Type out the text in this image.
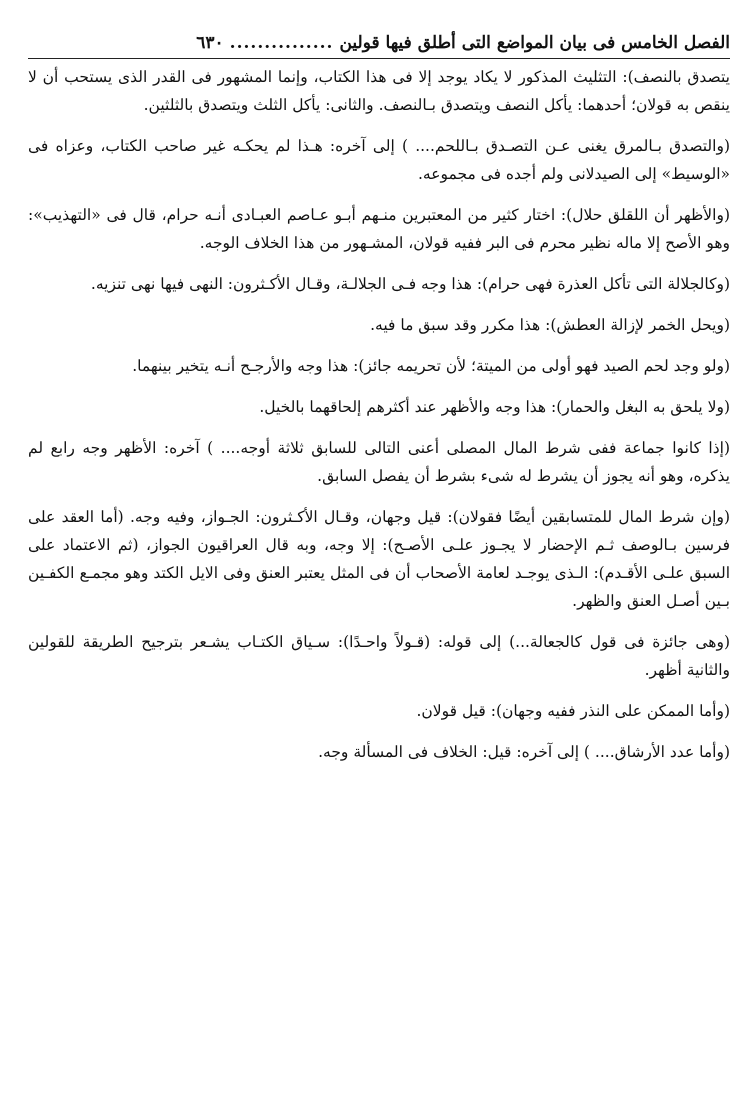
الفصل الخامس فى بيان المواضع التى أطلق فيها قولين
...............
٦٣٠

يتصدق بالنصف): التثليث المذكور لا يكاد يوجد إلا فى هذا الكتاب، وإنما المشهور فى القدر الذى يستحب أن لا ينقص به قولان؛ أحدهما: يأكل النصف ويتصدق بـالنصف. والثانى: يأكل الثلث ويتصدق بالثلثين.

(والتصدق بـالمرق يغنى عـن التصـدق بـاللحم.... ) إلى آخره: هـذا لم يحكـه غير صاحب الكتاب، وعزاه فى «الوسيط» إلى الصيدلانى ولم أجده فى مجموعه.

(والأظهر أن اللقلق حلال): اختار كثير من المعتبرين منـهم أبـو عـاصم العبـادى أنـه حرام، قال فى «التهذيب»: وهو الأصح إلا ماله نظير محرم فى البر ففيه قولان، المشـهور من هذا الخلاف الوجه.

(وكالجلالة التى تأكل العذرة فهى حرام): هذا وجه فـى الجلالـة، وقـال الأكـثرون: النهى فيها نهى تنزيه.

(ويحل الخمر لإزالة العطش): هذا مكرر وقد سبق ما فيه.

(ولو وجد لحم الصيد فهو أولى من الميتة؛ لأن تحريمه جائز): هذا وجه والأرجـح أنـه يتخير بينهما.

(ولا يلحق به البغل والحمار): هذا وجه والأظهر عند أكثرهم إلحاقهما بالخيل.

(إذا كانوا جماعة ففى شرط المال المصلى أعنى التالى للسابق ثلاثة أوجه.... ) آخره: الأظهر وجه رابع لم يذكره، وهو أنه يجوز أن يشرط له شىء بشرط أن يفصل السابق.

(وإن شرط المال للمتسابقين أيضًا فقولان): قيل وجهان، وقـال الأكـثرون: الجـواز، وفيه وجه. (أما العقد على فرسين بـالوصف ثـم الإحضار لا يجـوز علـى الأصـح): إلا وجه، وبه قال العراقيون الجواز، (ثم الاعتماد على السبق علـى الأقـدم): الـذى يوجـد لعامة الأصحاب أن فى المثل يعتبر العنق وفى الايل الكتد وهو مجمـع الكفـين بـين أصـل العنق والظهر.

(وهى جائزة فى قول كالجعالة...) إلى قوله: (قـولاً واحـدًا): سـياق الكتـاب يشـعر بترجيح الطريقة للقولين والثانية أظهر.

(وأما الممكن على النذر ففيه وجهان): قيل قولان.

(وأما عدد الأرشاق.... ) إلى آخره: قيل: الخلاف فى المسألة وجه.
